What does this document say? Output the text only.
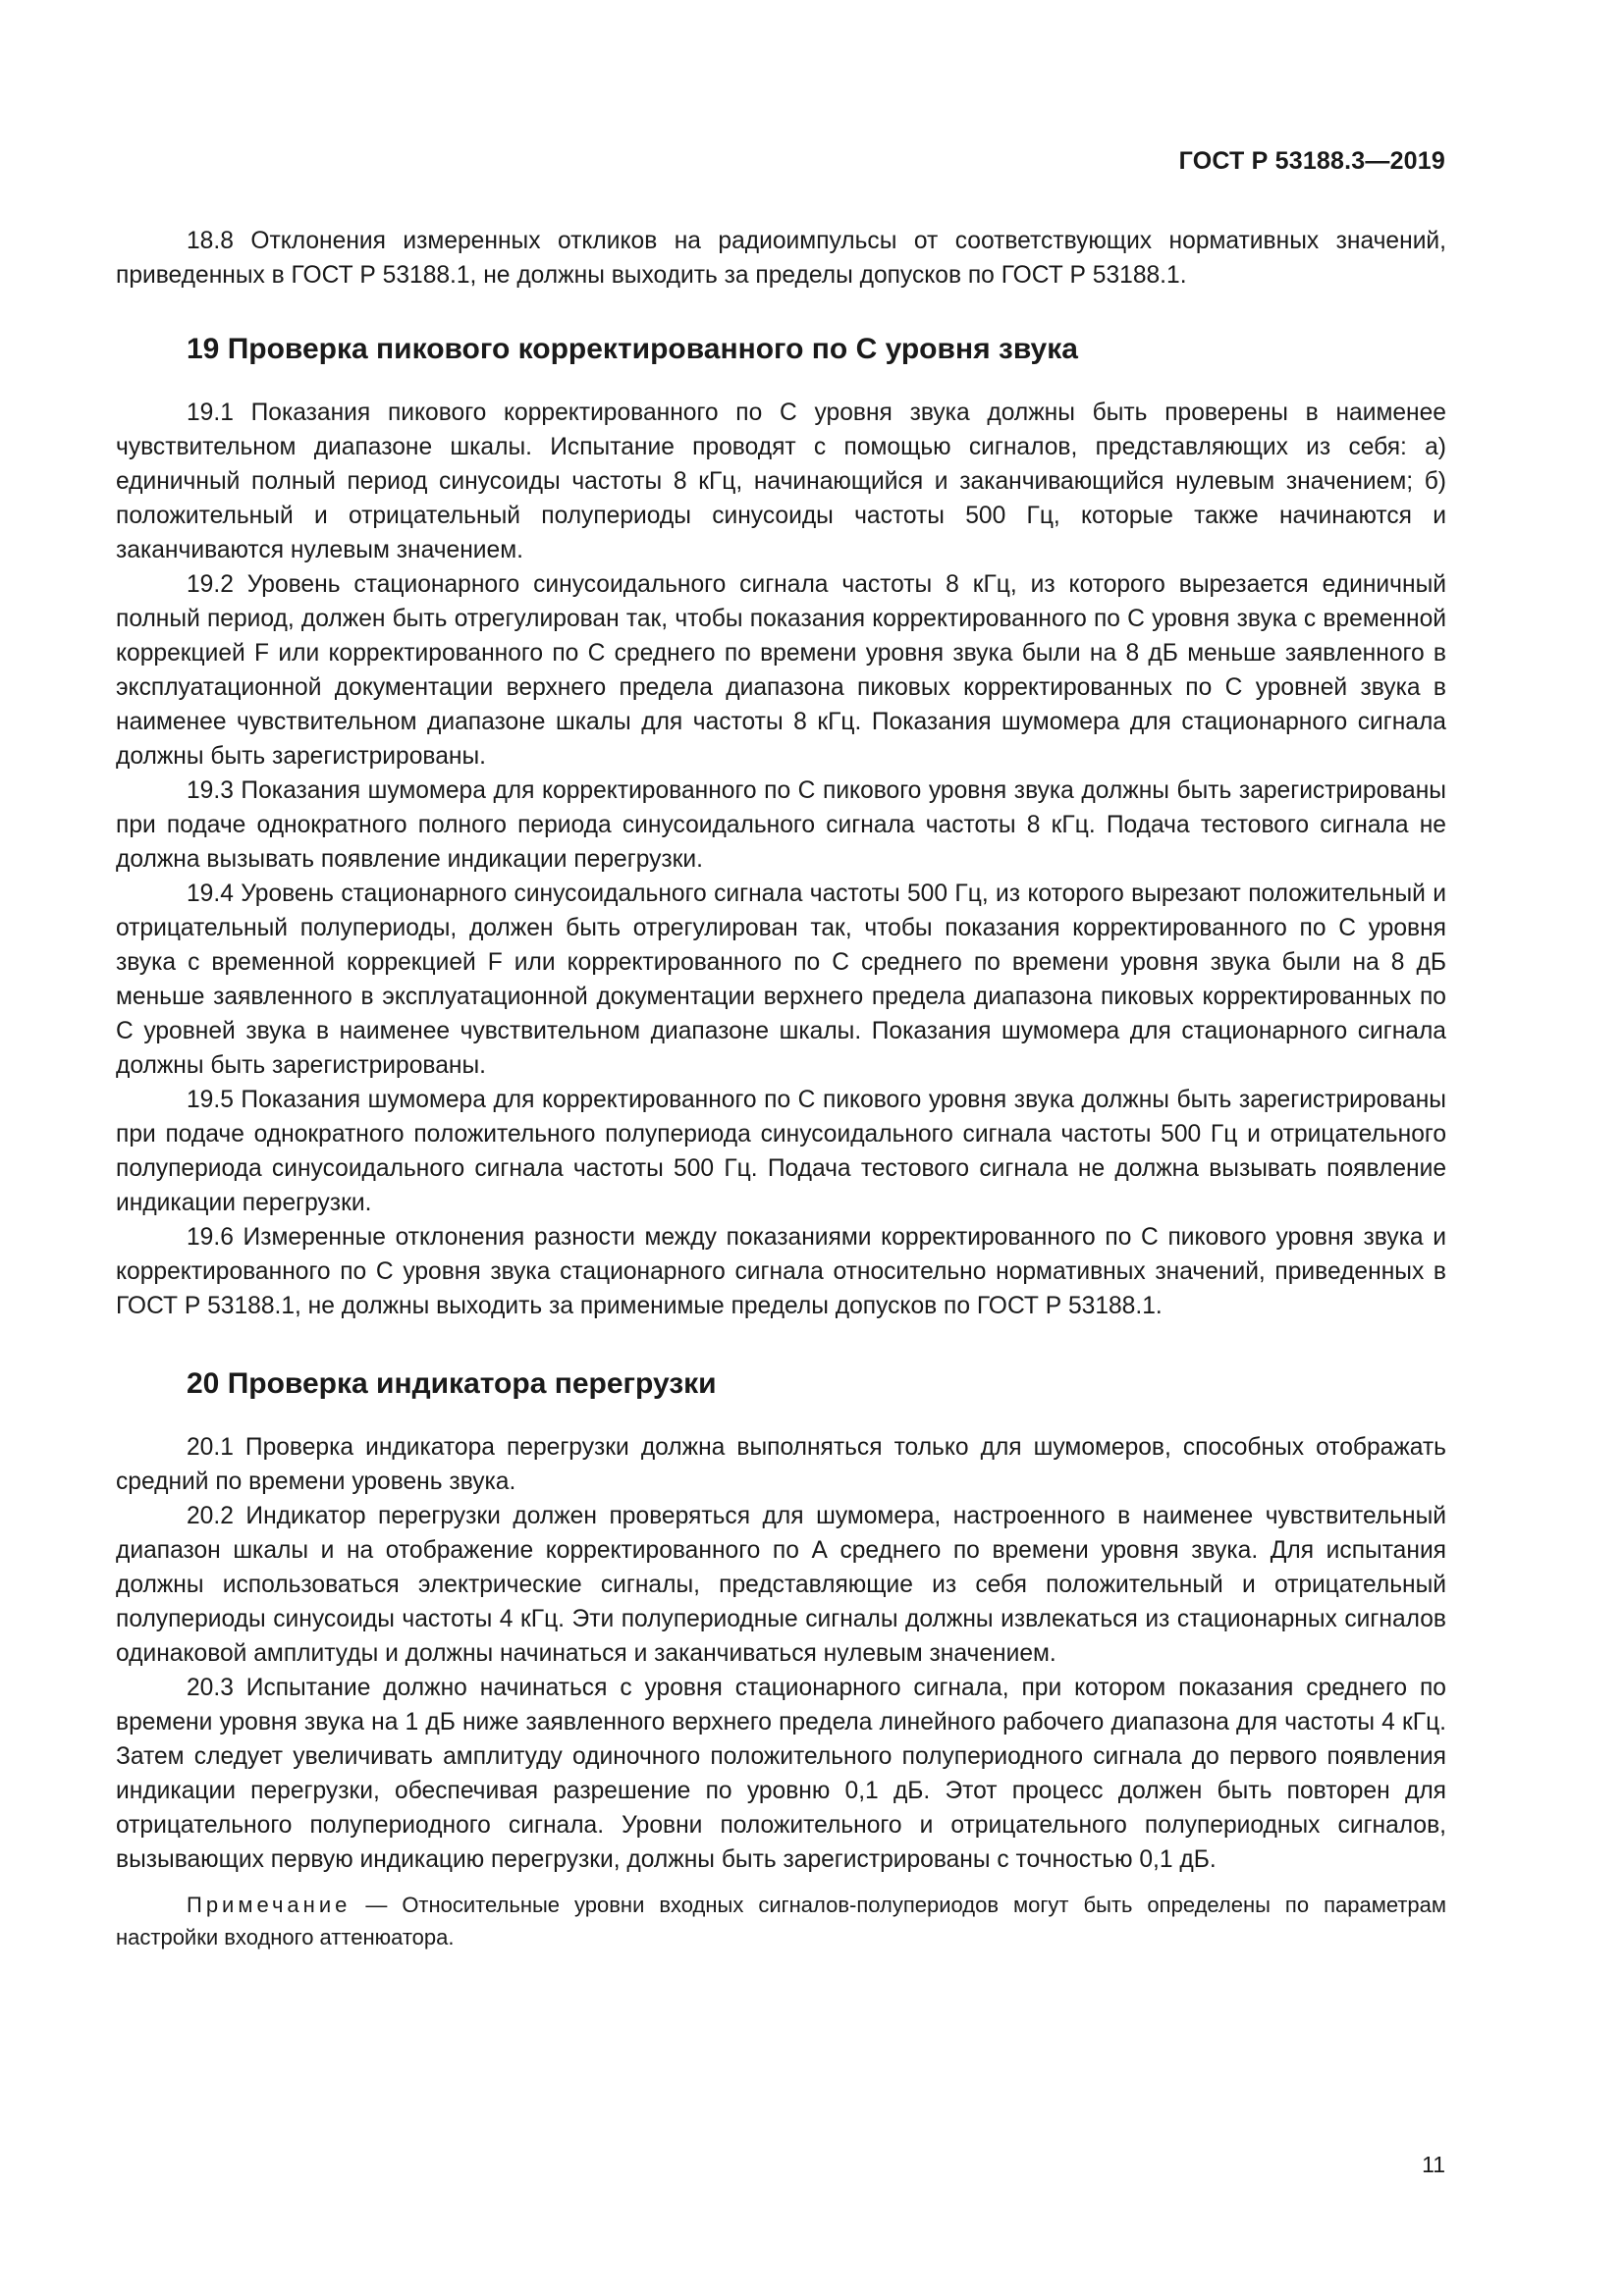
ГОСТ Р 53188.3—2019

18.8 Отклонения измеренных откликов на радиоимпульсы от соответствующих нормативных значений, приведенных в ГОСТ Р 53188.1, не должны выходить за пределы допусков по ГОСТ Р 53188.1.

19 Проверка пикового корректированного по С уровня звука

19.1 Показания пикового корректированного по С уровня звука должны быть проверены в наименее чувствительном диапазоне шкалы. Испытание проводят с помощью сигналов, представляющих из себя: а) единичный полный период синусоиды частоты 8 кГц, начинающийся и заканчивающийся нулевым значением; б) положительный и отрицательный полупериоды синусоиды частоты 500 Гц, которые также начинаются и заканчиваются нулевым значением.

19.2 Уровень стационарного синусоидального сигнала частоты 8 кГц, из которого вырезается единичный полный период, должен быть отрегулирован так, чтобы показания корректированного по С уровня звука с временной коррекцией F или корректированного по С среднего по времени уровня звука были на 8 дБ меньше заявленного в эксплуатационной документации верхнего предела диапазона пиковых корректированных по С уровней звука в наименее чувствительном диапазоне шкалы для частоты 8 кГц. Показания шумомера для стационарного сигнала должны быть зарегистрированы.

19.3 Показания шумомера для корректированного по С пикового уровня звука должны быть зарегистрированы при подаче однократного полного периода синусоидального сигнала частоты 8 кГц. Подача тестового сигнала не должна вызывать появление индикации перегрузки.

19.4 Уровень стационарного синусоидального сигнала частоты 500 Гц, из которого вырезают положительный и отрицательный полупериоды, должен быть отрегулирован так, чтобы показания корректированного по С уровня звука с временной коррекцией F или корректированного по С среднего по времени уровня звука были на 8 дБ меньше заявленного в эксплуатационной документации верхнего предела диапазона пиковых корректированных по С уровней звука в наименее чувствительном диапазоне шкалы. Показания шумомера для стационарного сигнала должны быть зарегистрированы.

19.5 Показания шумомера для корректированного по С пикового уровня звука должны быть зарегистрированы при подаче однократного положительного полупериода синусоидального сигнала частоты 500 Гц и отрицательного полупериода синусоидального сигнала частоты 500 Гц. Подача тестового сигнала не должна вызывать появление индикации перегрузки.

19.6 Измеренные отклонения разности между показаниями корректированного по С пикового уровня звука и корректированного по С уровня звука стационарного сигнала относительно нормативных значений, приведенных в ГОСТ Р 53188.1, не должны выходить за применимые пределы допусков по ГОСТ Р 53188.1.

20 Проверка индикатора перегрузки

20.1 Проверка индикатора перегрузки должна выполняться только для шумомеров, способных отображать средний по времени уровень звука.

20.2 Индикатор перегрузки должен проверяться для шумомера, настроенного в наименее чувствительный диапазон шкалы и на отображение корректированного по А среднего по времени уровня звука. Для испытания должны использоваться электрические сигналы, представляющие из себя положительный и отрицательный полупериоды синусоиды частоты 4 кГц. Эти полупериодные сигналы должны извлекаться из стационарных сигналов одинаковой амплитуды и должны начинаться и заканчиваться нулевым значением.

20.3 Испытание должно начинаться с уровня стационарного сигнала, при котором показания среднего по времени уровня звука на 1 дБ ниже заявленного верхнего предела линейного рабочего диапазона для частоты 4 кГц. Затем следует увеличивать амплитуду одиночного положительного полупериодного сигнала до первого появления индикации перегрузки, обеспечивая разрешение по уровню 0,1 дБ. Этот процесс должен быть повторен для отрицательного полупериодного сигнала. Уровни положительного и отрицательного полупериодных сигналов, вызывающих первую индикацию перегрузки, должны быть зарегистрированы с точностью 0,1 дБ.

Примечание — Относительные уровни входных сигналов-полупериодов могут быть определены по параметрам настройки входного аттенюатора.
11
